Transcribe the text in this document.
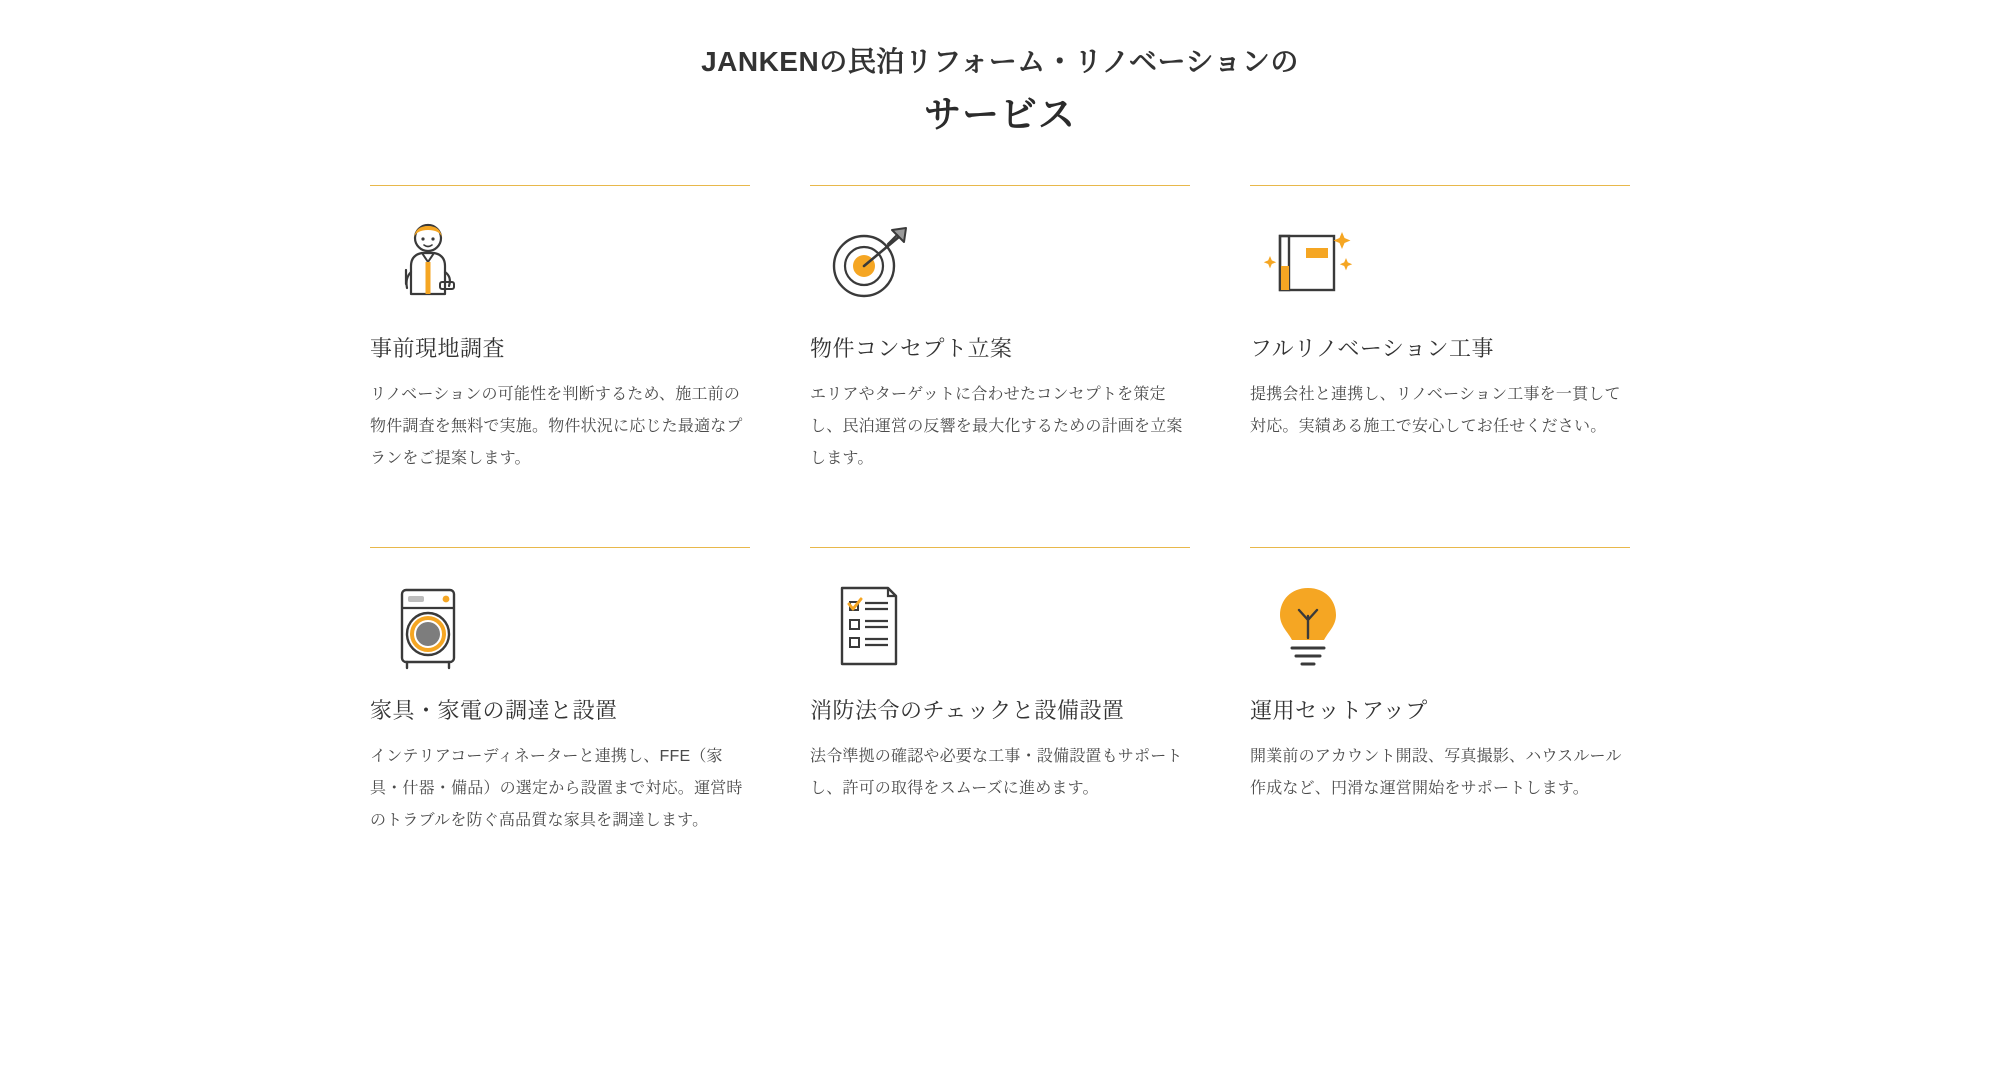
JANKENの民泊リフォーム・リノベーションの
サービス
事前現地調査
リノベーションの可能性を判断するため、施工前の物件調査を無料で実施。物件状況に応じた最適なプランをご提案します。
物件コンセプト立案
エリアやターゲットに合わせたコンセプトを策定し、民泊運営の反響を最大化するための計画を立案します。
フルリノベーション工事
提携会社と連携し、リノベーション工事を一貫して対応。実績ある施工で安心してお任せください。
家具・家電の調達と設置
インテリアコーディネーターと連携し、FFE（家具・什器・備品）の選定から設置まで対応。運営時のトラブルを防ぐ高品質な家具を調達します。
消防法令のチェックと設備設置
法令準拠の確認や必要な工事・設備設置もサポートし、許可の取得をスムーズに進めます。
運用セットアップ
開業前のアカウント開設、写真撮影、ハウスルール作成など、円滑な運営開始をサポートします。
